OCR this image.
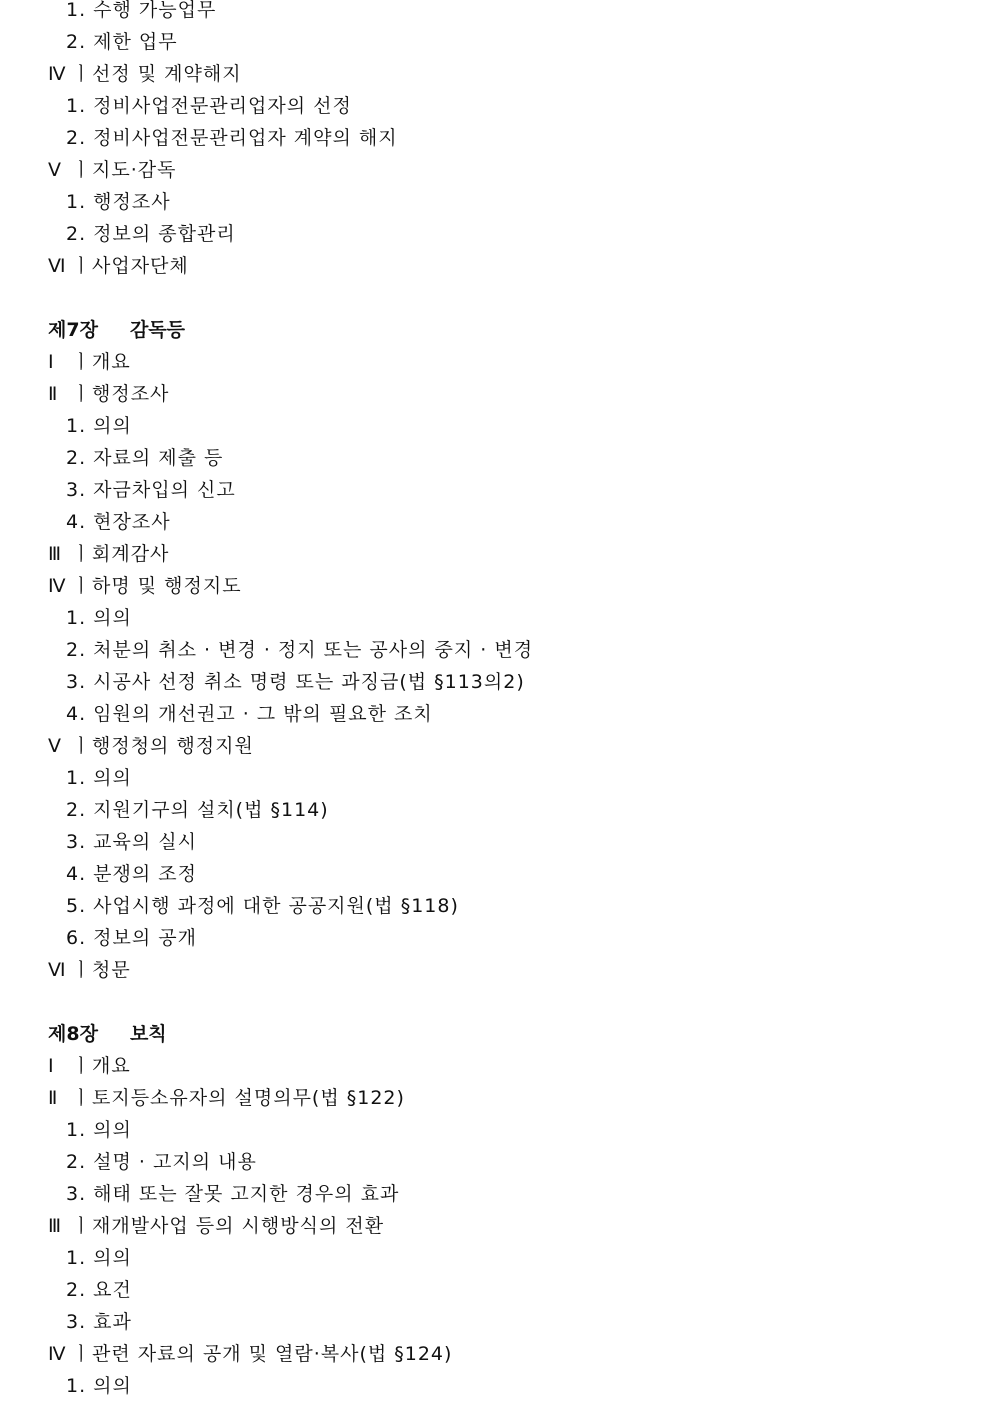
1. 수행 가능업무
2. 제한 업무
Ⅳ ㅣ선정 및 계약해지
1. 정비사업전문관리업자의 선정
2. 정비사업전문관리업자 계약의 해지
Ⅴ ㅣ지도·감독
1. 행정조사
2. 정보의 종합관리
Ⅵ ㅣ사업자단체
제7장 감독등
Ⅰ ㅣ개요
Ⅱ ㅣ행정조사
1. 의의
2. 자료의 제출 등
3. 자금차입의 신고
4. 현장조사
Ⅲ ㅣ회계감사
Ⅳ ㅣ하명 및 행정지도
1. 의의
2. 처분의 취소 · 변경 · 정지 또는 공사의 중지 · 변경
3. 시공사 선정 취소 명령 또는 과징금(법 §113의2)
4. 임원의 개선권고 · 그 밖의 필요한 조치
Ⅴ ㅣ행정청의 행정지원
1. 의의
2. 지원기구의 설치(법 §114)
3. 교육의 실시
4. 분쟁의 조정
5. 사업시행 과정에 대한 공공지원(법 §118)
6. 정보의 공개
Ⅵ ㅣ청문
제8장 보칙
Ⅰ ㅣ개요
Ⅱ ㅣ토지등소유자의 설명의무(법 §122)
1. 의의
2. 설명 · 고지의 내용
3. 해태 또는 잘못 고지한 경우의 효과
Ⅲ ㅣ재개발사업 등의 시행방식의 전환
1. 의의
2. 요건
3. 효과
Ⅳ ㅣ관련 자료의 공개 및 열람·복사(법 §124)
1. 의의
